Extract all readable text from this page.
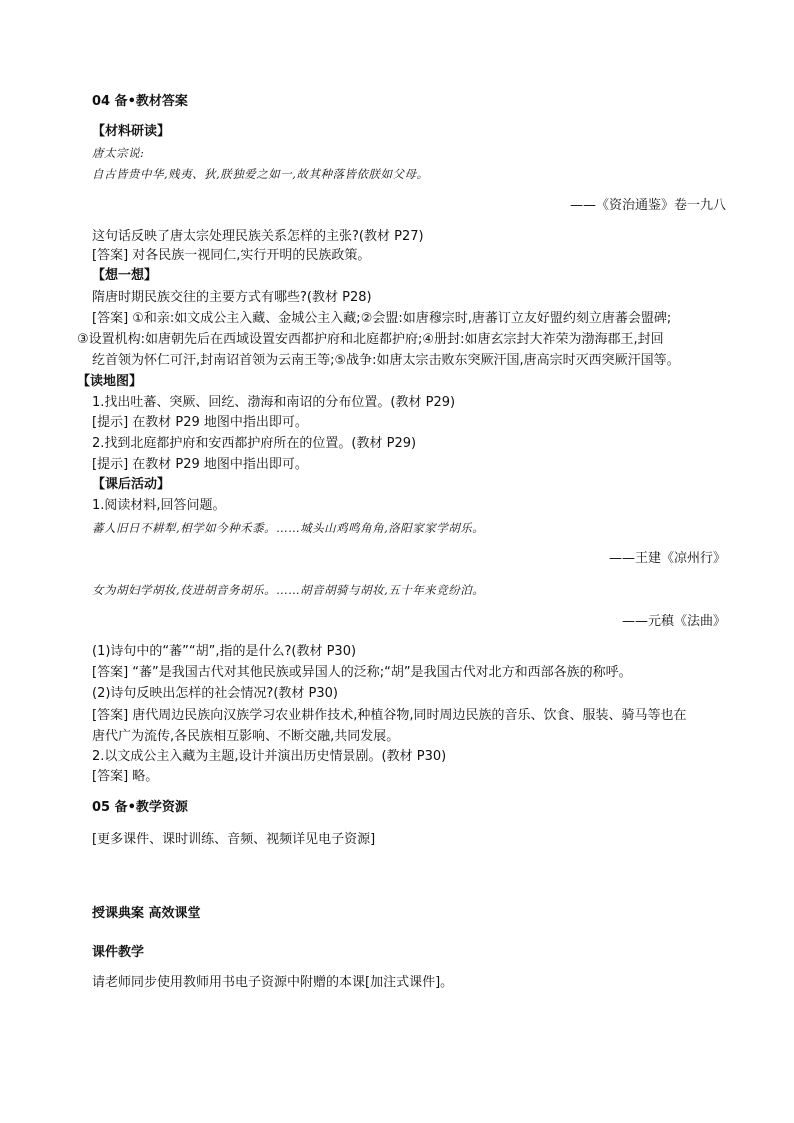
04 备•教材答案
【材料研读】
唐太宗说:
自古皆贵中华,贱夷、狄,朕独爱之如一,故其种落皆依朕如父母。
——《资治通鉴》卷一九八
这句话反映了唐太宗处理民族关系怎样的主张?(教材 P27)
[答案] 对各民族一视同仁,实行开明的民族政策。
【想一想】
隋唐时期民族交往的主要方式有哪些?(教材 P28)
[答案] ①和亲:如文成公主入藏、金城公主入藏;②会盟:如唐穆宗时,唐蕃订立友好盟约刻立唐蕃会盟碑;
③设置机构:如唐朝先后在西域设置安西都护府和北庭都护府;④册封:如唐玄宗封大祚荣为渤海郡王,封回
纥首领为怀仁可汗,封南诏首领为云南王等;⑤战争:如唐太宗击败东突厥汗国,唐高宗时灭西突厥汗国等。
【读地图】
1.找出吐蕃、突厥、回纥、渤海和南诏的分布位置。(教材 P29)
[提示] 在教材 P29 地图中指出即可。
2.找到北庭都护府和安西都护府所在的位置。(教材 P29)
[提示] 在教材 P29 地图中指出即可。
【课后活动】
1.阅读材料,回答问题。
蕃人旧日不耕犁,相学如今种禾黍。……城头山鸡鸣角角,洛阳家家学胡乐。
——王建《凉州行》
女为胡妇学胡妆,伎进胡音务胡乐。……胡音胡骑与胡妆,五十年来竞纷泊。
——元稹《法曲》
(1)诗句中的“蕃”“胡”,指的是什么?(教材 P30)
[答案] “蕃”是我国古代对其他民族或异国人的泛称;“胡”是我国古代对北方和西部各族的称呼。
(2)诗句反映出怎样的社会情况?(教材 P30)
[答案] 唐代周边民族向汉族学习农业耕作技术,种植谷物,同时周边民族的音乐、饮食、服装、骑马等也在
唐代广为流传,各民族相互影响、不断交融,共同发展。
2.以文成公主入藏为主题,设计并演出历史情景剧。(教材 P30)
[答案] 略。
05 备•教学资源
[更多课件、课时训练、音频、视频详见电子资源]
授课典案 高效课堂
课件教学
请老师同步使用教师用书电子资源中附赠的本课[加注式课件]。
